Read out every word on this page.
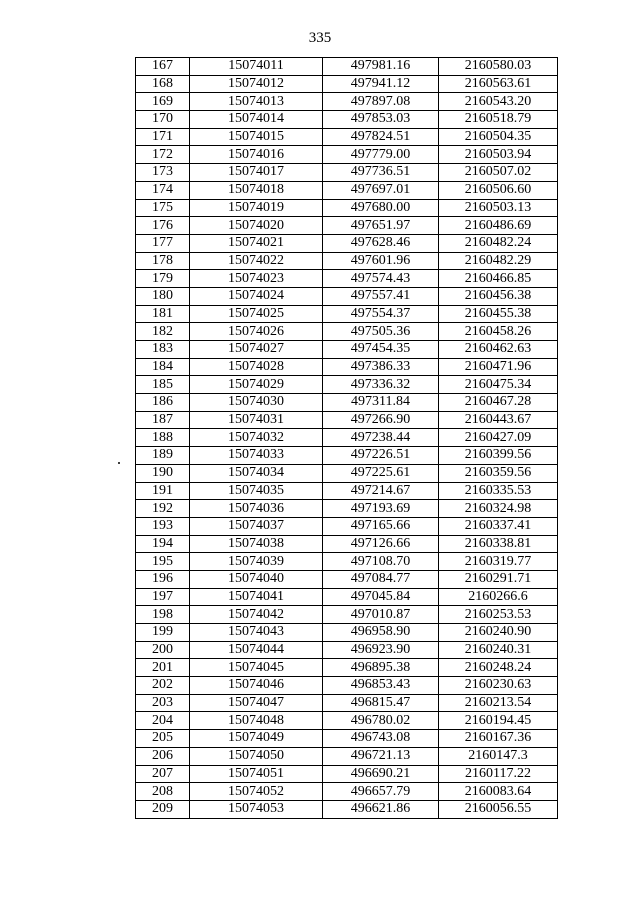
335
167	15074011	497981.16	2160580.03
168	15074012	497941.12	2160563.61
169	15074013	497897.08	2160543.20
170	15074014	497853.03	2160518.79
171	15074015	497824.51	2160504.35
172	15074016	497779.00	2160503.94
173	15074017	497736.51	2160507.02
174	15074018	497697.01	2160506.60
175	15074019	497680.00	2160503.13
176	15074020	497651.97	2160486.69
177	15074021	497628.46	2160482.24
178	15074022	497601.96	2160482.29
179	15074023	497574.43	2160466.85
180	15074024	497557.41	2160456.38
181	15074025	497554.37	2160455.38
182	15074026	497505.36	2160458.26
183	15074027	497454.35	2160462.63
184	15074028	497386.33	2160471.96
185	15074029	497336.32	2160475.34
186	15074030	497311.84	2160467.28
187	15074031	497266.90	2160443.67
188	15074032	497238.44	2160427.09
189	15074033	497226.51	2160399.56
190	15074034	497225.61	2160359.56
191	15074035	497214.67	2160335.53
192	15074036	497193.69	2160324.98
193	15074037	497165.66	2160337.41
194	15074038	497126.66	2160338.81
195	15074039	497108.70	2160319.77
196	15074040	497084.77	2160291.71
197	15074041	497045.84	2160266.6
198	15074042	497010.87	2160253.53
199	15074043	496958.90	2160240.90
200	15074044	496923.90	2160240.31
201	15074045	496895.38	2160248.24
202	15074046	496853.43	2160230.63
203	15074047	496815.47	2160213.54
204	15074048	496780.02	2160194.45
205	15074049	496743.08	2160167.36
206	15074050	496721.13	2160147.3
207	15074051	496690.21	2160117.22
208	15074052	496657.79	2160083.64
209	15074053	496621.86	2160056.55
